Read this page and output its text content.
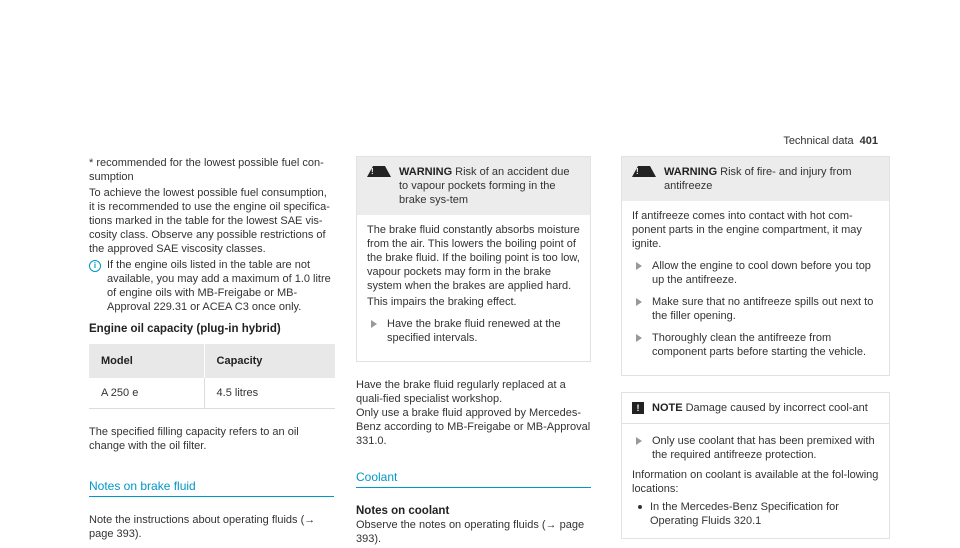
Technical data 401

* recommended for the lowest possible fuel con-
sumption

To achieve the lowest possible fuel consumption, it is recommended to use the engine oil specifica-tions marked in the table for the lowest SAE vis-cosity class. Observe any possible restrictions of the approved SAE viscosity classes.

i If the engine oils listed in the table are not available, you may add a maximum of 1.0 litre of engine oils with MB-Freigabe or MB-Approval 229.31 or ACEA C3 once only.
Engine oil capacity (plug-in hybrid)
Model	Capacity
A 250 e	4.5 litres

The specified filling capacity refers to an oil change with the oil filter.

Notes on brake fluid

Note the instructions about operating fluids (→ page 393).

! WARNING Risk of an accident due to vapour pockets forming in the brake sys-tem

The brake fluid constantly absorbs moisture from the air. This lowers the boiling point of the brake fluid. If the boiling point is too low, vapour pockets may form in the brake system when the brakes are applied hard.

This impairs the braking effect.

Have the brake fluid renewed at the specified intervals.

Have the brake fluid regularly replaced at a quali-fied specialist workshop.
Only use a brake fluid approved by Mercedes-Benz according to MB-Freigabe or MB-Approval 331.0.

Coolant
Notes on coolant

Observe the notes on operating fluids (→ page 393).

! WARNING Risk of fire- and injury from antifreeze

If antifreeze comes into contact with hot com-ponent parts in the engine compartment, it may ignite.

Allow the engine to cool down before you top up the antifreeze.
Make sure that no antifreeze spills out next to the filler opening.
Thoroughly clean the antifreeze from component parts before starting the vehicle.
!	NOTE Damage caused by incorrect cool-ant
Only use coolant that has been premixed with the required antifreeze protection.

Information on coolant is available at the fol-lowing locations:

In the Mercedes-Benz Specification for Operating Fluids 320.1
